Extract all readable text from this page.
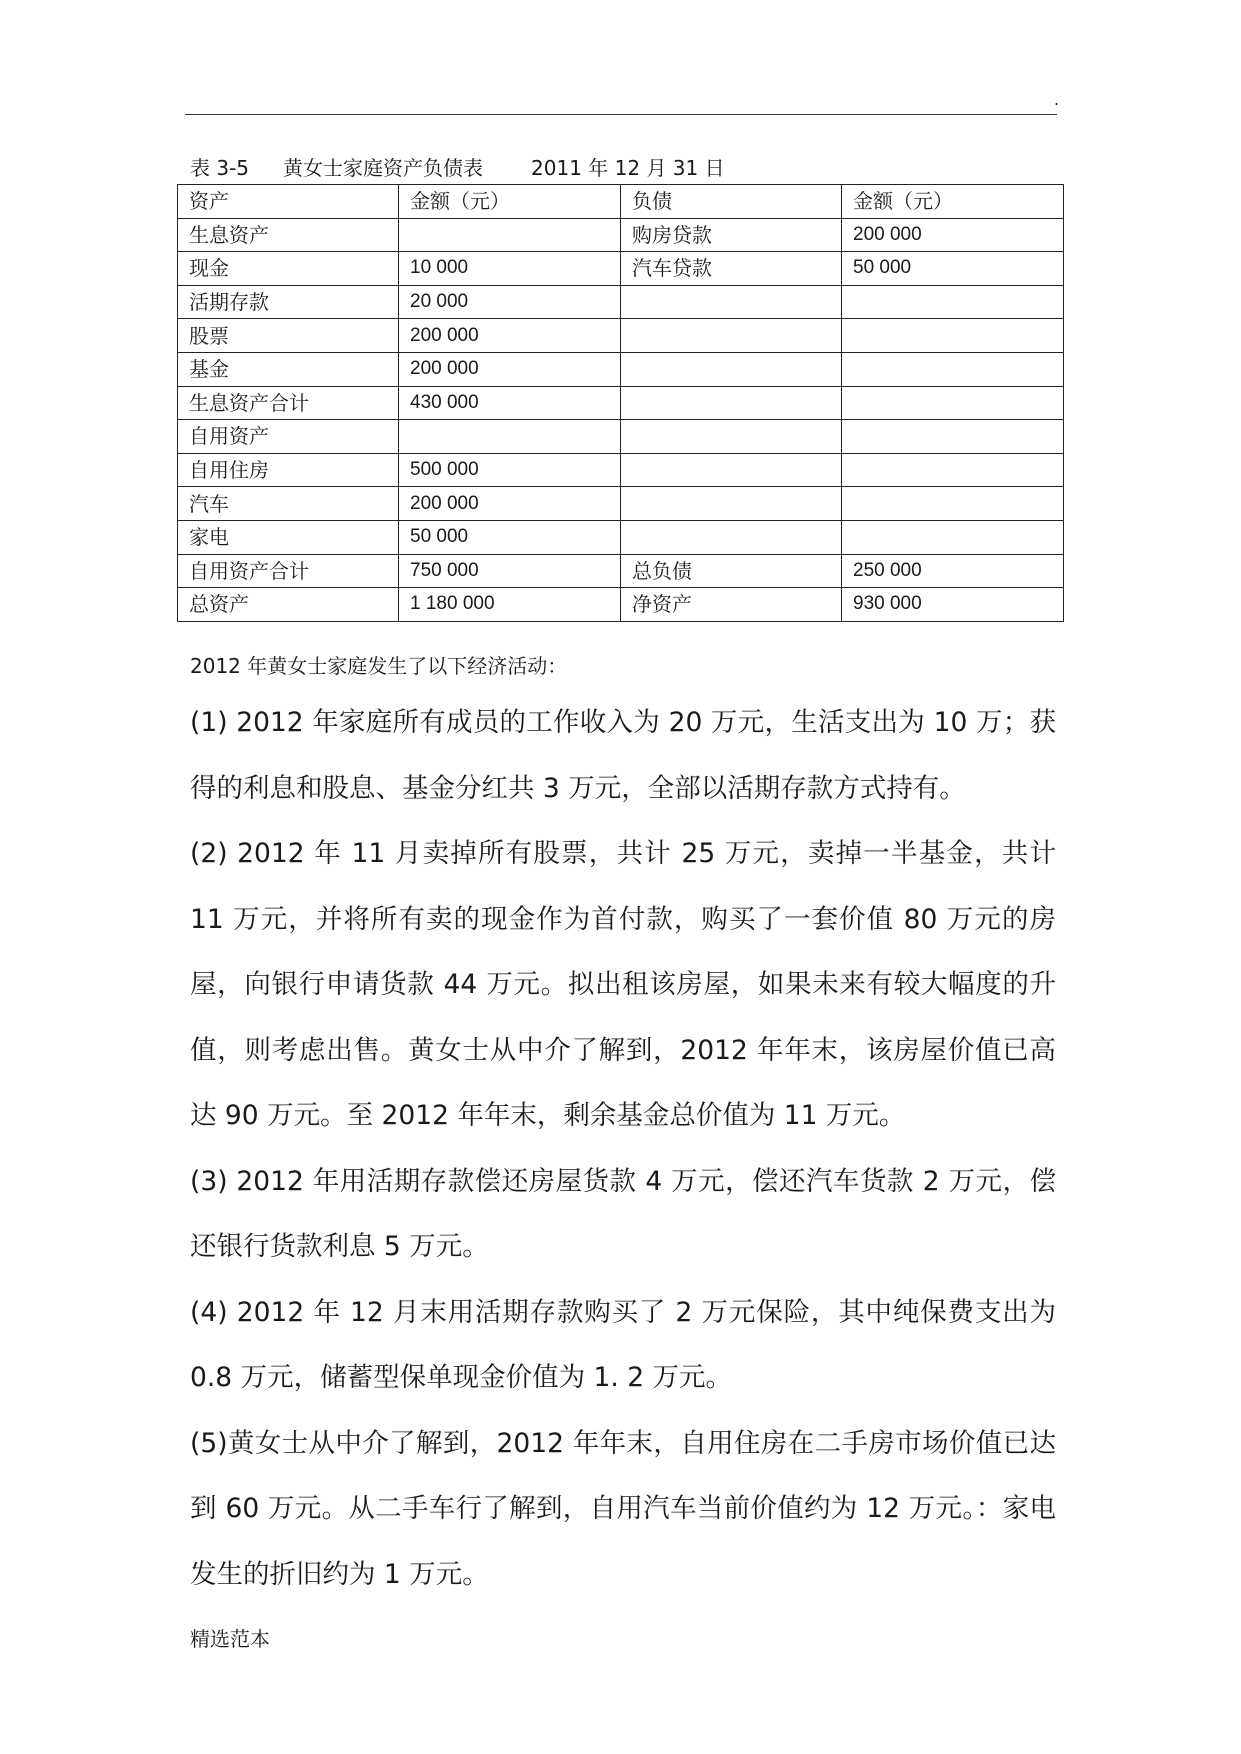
.
表 3-5 黄女士家庭资产负债表 2011 年 12 月 31 日
资产	金额（元）	负债	金额（元）
生息资产		购房贷款	200 000
现金	10 000	汽车贷款	50 000
活期存款	20 000		
股票	200 000		
基金	200 000		
生息资产合计	430 000		
自用资产			
自用住房	500 000		
汽车	200 000		
家电	50 000		
自用资产合计	750 000	总负债	250 000
总资产	1 180 000	净资产	930 000
2012 年黄女士家庭发生了以下经济活动：

(1) 2012 年家庭所有成员的工作收入为 20 万元，生活支出为 10 万；获得的利息和股息、基金分红共 3 万元，全部以活期存款方式持有。

(2) 2012 年 11 月卖掉所有股票，共计 25 万元，卖掉一半基金，共计 11 万元，并将所有卖的现金作为首付款，购买了一套价值 80 万元的房屋，向银行申请货款 44 万元。拟出租该房屋，如果未来有较大幅度的升值，则考虑出售。黄女士从中介了解到，2012 年年末，该房屋价值已高达 90 万元。至 2012 年年末，剩余基金总价值为 11 万元。

(3) 2012 年用活期存款偿还房屋货款 4 万元，偿还汽车货款 2 万元，偿还银行货款利息 5 万元。

(4) 2012 年 12 月末用活期存款购买了 2 万元保险，其中纯保费支出为 0.8 万元，储蓄型保单现金价值为 1. 2 万元。

(5)黄女士从中介了解到，2012 年年末，自用住房在二手房市场价值已达到 60 万元。从二手车行了解到，自用汽车当前价值约为 12 万元。：家电发生的折旧约为 1 万元。

精选范本
